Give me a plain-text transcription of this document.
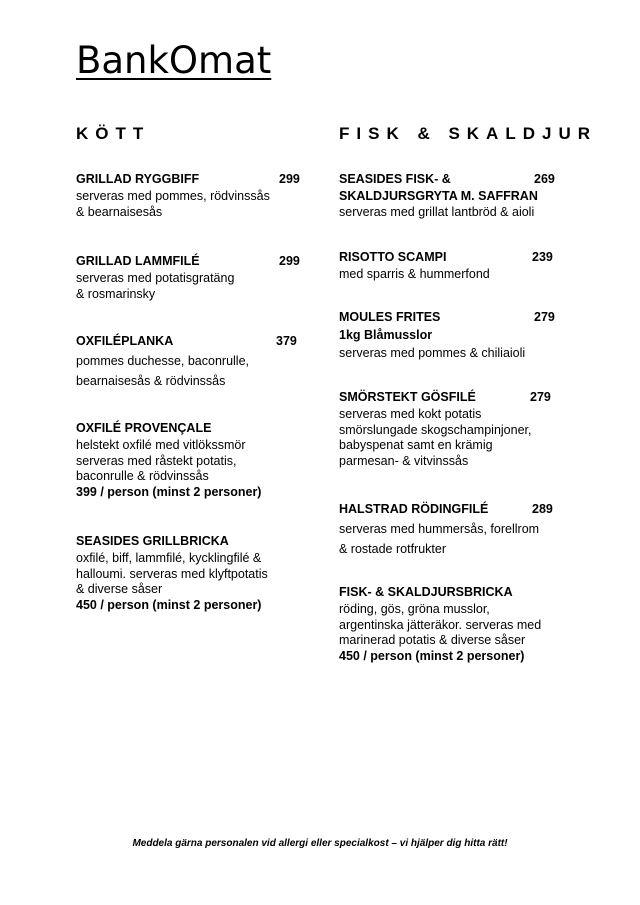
BankOmat
KÖTT	FISK & SKALDJUR
GRILLAD RYGGBIFF	299
serveras med pommes, rödvinssås
& bearnaisesås
GRILLAD LAMMFILÉ	299
serveras med potatisgratäng
& rosmarinsky
OXFILÉPLANKA	379
pommes duchesse, baconrulle,
bearnaisesås & rödvinssås
OXFILÉ PROVENÇALE
helstekt oxfilé med vitlökssmör
serveras med råstekt potatis,
baconrulle & rödvinssås
399 / person (minst 2 personer)
SEASIDES GRILLBRICKA
oxfilé, biff, lammfilé, kycklingfilé &
halloumi. serveras med klyftpotatis
& diverse såser
450 / person (minst 2 personer)
SEASIDES FISK- &	269
SKALDJURSGRYTA M. SAFFRAN
serveras med grillat lantbröd & aioli
RISOTTO SCAMPI	239
med sparris & hummerfond
MOULES FRITES	279
1kg Blåmusslor
serveras med pommes & chiliaioli
SMÖRSTEKT GÖSFILÉ	279
serveras med kokt potatis
smörslungade skogschampinjoner,
babyspenat samt en krämig
parmesan- & vitvinssås
HALSTRAD RÖDINGFILÉ	289
serveras med hummersås, forellrom
& rostade rotfrukter
FISK- & SKALDJURSBRICKA
röding, gös, gröna musslor,
argentinska jätteräkor. serveras med
marinerad potatis & diverse såser
450 / person (minst 2 personer)
Meddela gärna personalen vid allergi eller specialkost – vi hjälper dig hitta rätt!
